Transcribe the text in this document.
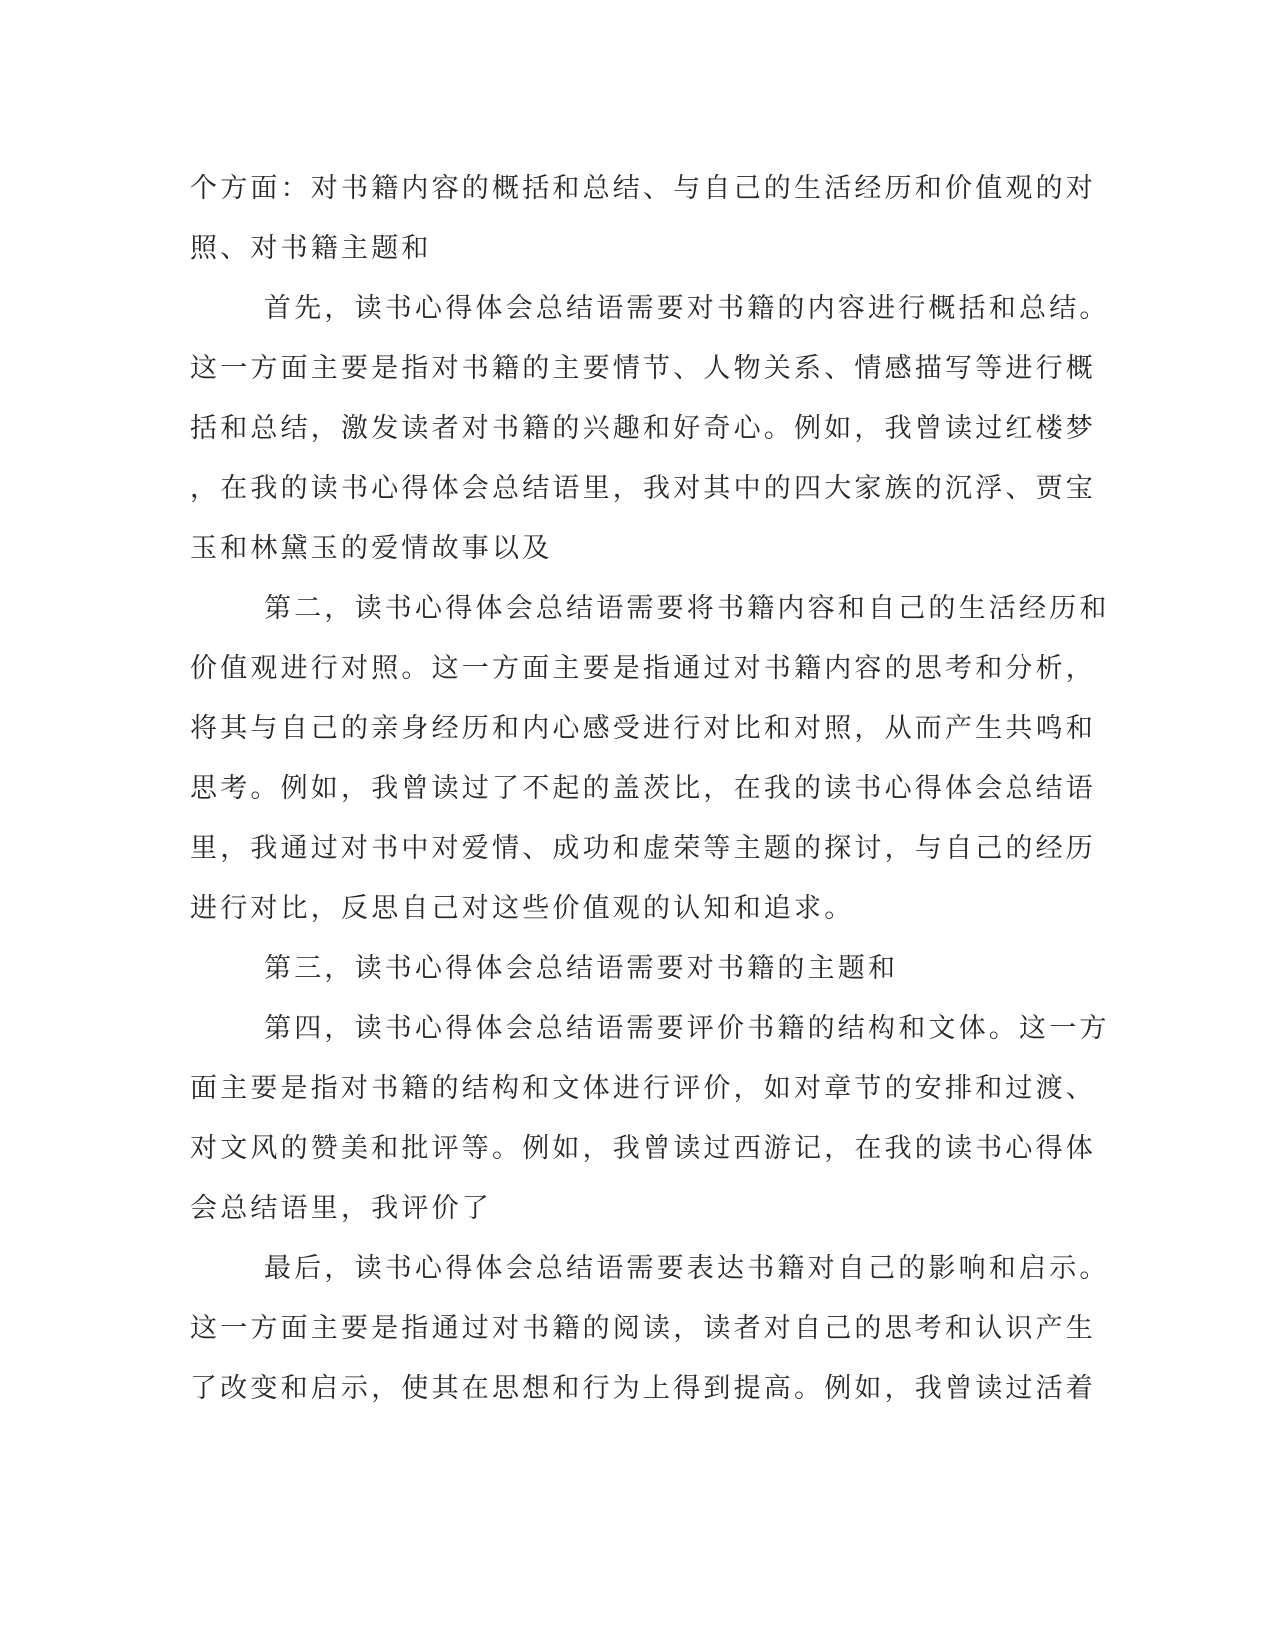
个方面：对书籍内容的概括和总结、与自己的生活经历和价值观的对
照、对书籍主题和
首先，读书心得体会总结语需要对书籍的内容进行概括和总结。
这一方面主要是指对书籍的主要情节、人物关系、情感描写等进行概
括和总结，激发读者对书籍的兴趣和好奇心。例如，我曾读过红楼梦
，在我的读书心得体会总结语里，我对其中的四大家族的沉浮、贾宝
玉和林黛玉的爱情故事以及
第二，读书心得体会总结语需要将书籍内容和自己的生活经历和
价值观进行对照。这一方面主要是指通过对书籍内容的思考和分析，
将其与自己的亲身经历和内心感受进行对比和对照，从而产生共鸣和
思考。例如，我曾读过了不起的盖茨比，在我的读书心得体会总结语
里，我通过对书中对爱情、成功和虚荣等主题的探讨，与自己的经历
进行对比，反思自己对这些价值观的认知和追求。
第三，读书心得体会总结语需要对书籍的主题和
第四，读书心得体会总结语需要评价书籍的结构和文体。这一方
面主要是指对书籍的结构和文体进行评价，如对章节的安排和过渡、
对文风的赞美和批评等。例如，我曾读过西游记，在我的读书心得体
会总结语里，我评价了
最后，读书心得体会总结语需要表达书籍对自己的影响和启示。
这一方面主要是指通过对书籍的阅读，读者对自己的思考和认识产生
了改变和启示，使其在思想和行为上得到提高。例如，我曾读过活着
